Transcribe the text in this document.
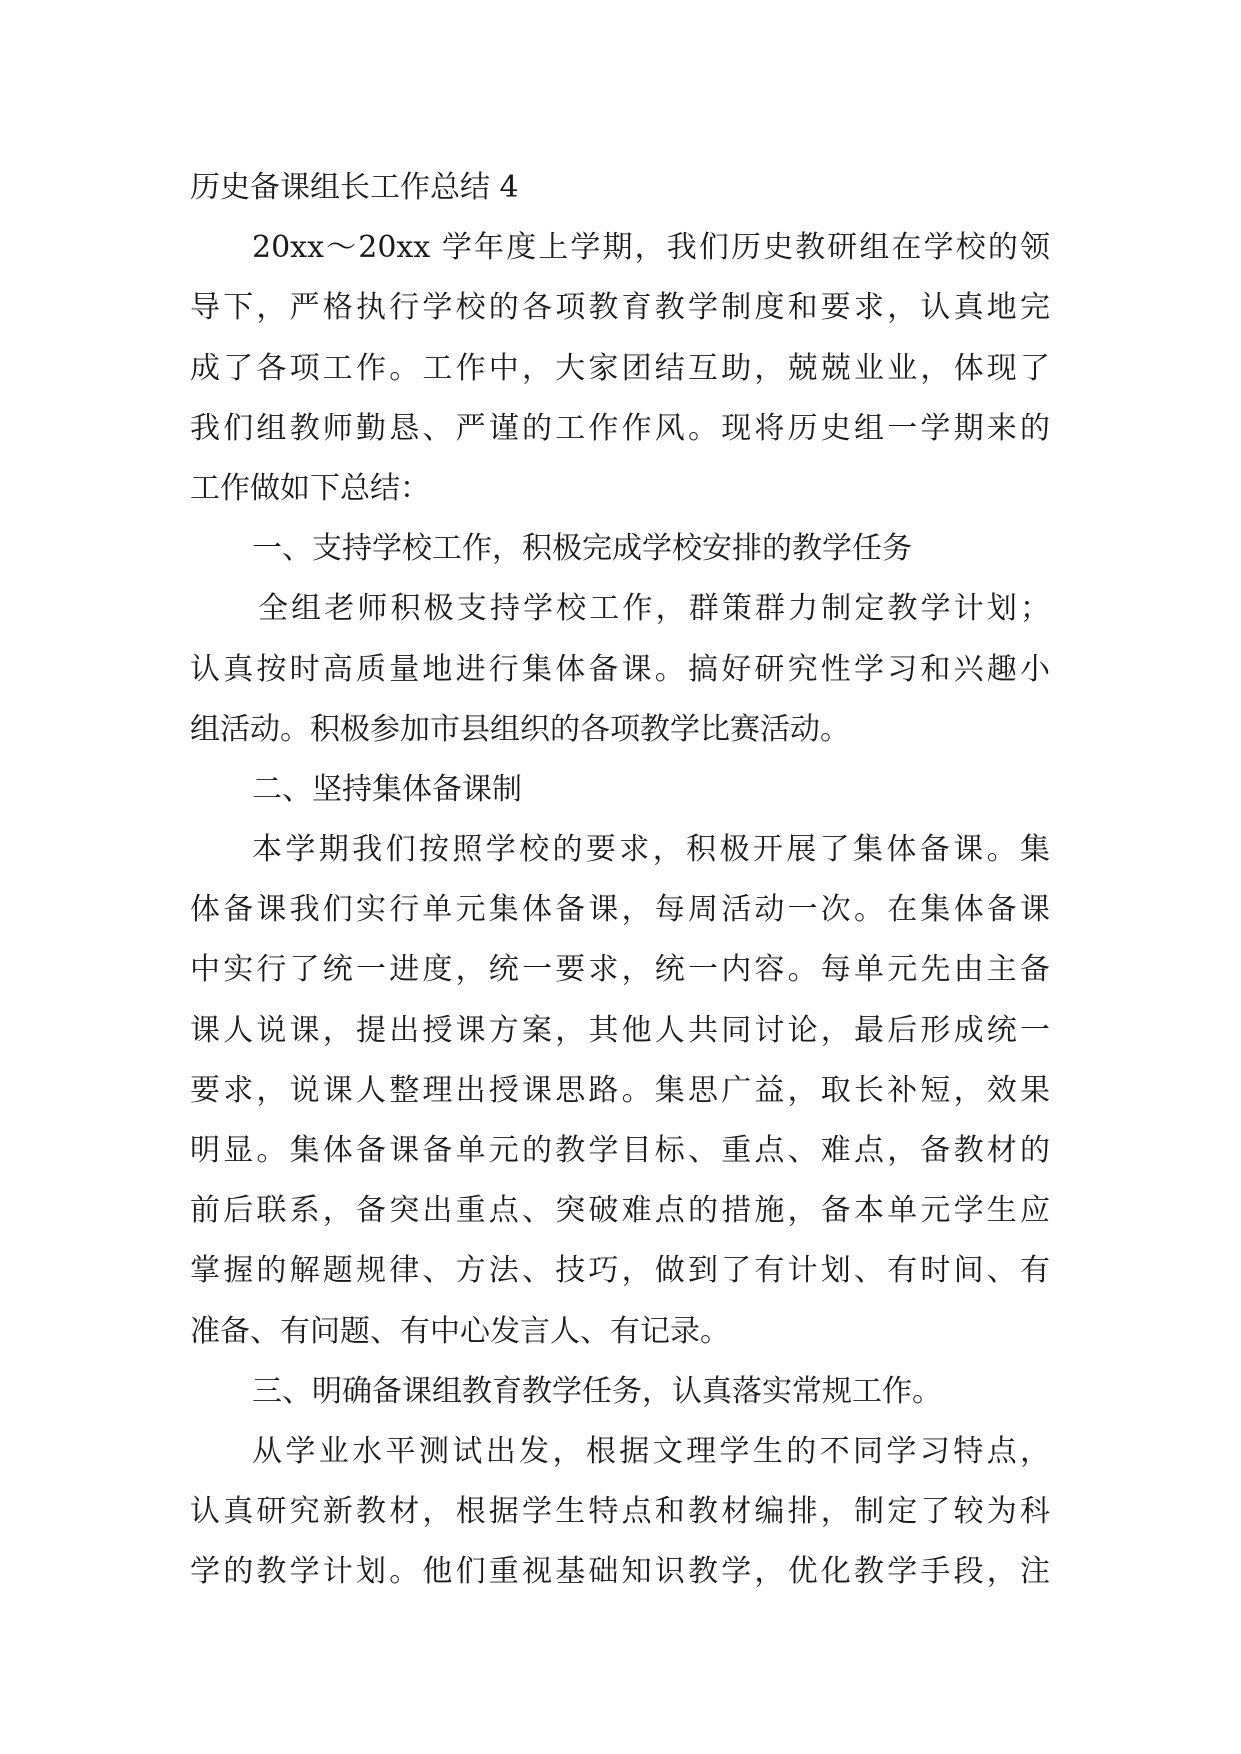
历史备课组长工作总结 4

20xx～20xx 学年度上学期，我们历史教研组在学校的领

导下，严格执行学校的各项教育教学制度和要求，认真地完

成了各项工作。工作中，大家团结互助，兢兢业业，体现了

我们组教师勤恳、严谨的工作作风。现将历史组一学期来的

工作做如下总结：

一、支持学校工作，积极完成学校安排的教学任务

全组老师积极支持学校工作，群策群力制定教学计划；

认真按时高质量地进行集体备课。搞好研究性学习和兴趣小

组活动。积极参加市县组织的各项教学比赛活动。

二、坚持集体备课制

本学期我们按照学校的要求，积极开展了集体备课。集

体备课我们实行单元集体备课，每周活动一次。在集体备课

中实行了统一进度，统一要求，统一内容。每单元先由主备

课人说课，提出授课方案，其他人共同讨论，最后形成统一

要求，说课人整理出授课思路。集思广益，取长补短，效果

明显。集体备课备单元的教学目标、重点、难点，备教材的

前后联系，备突出重点、突破难点的措施，备本单元学生应

掌握的解题规律、方法、技巧，做到了有计划、有时间、有

准备、有问题、有中心发言人、有记录。

三、明确备课组教育教学任务，认真落实常规工作。

从学业水平测试出发，根据文理学生的不同学习特点，

认真研究新教材，根据学生特点和教材编排，制定了较为科

学的教学计划。他们重视基础知识教学，优化教学手段，注
